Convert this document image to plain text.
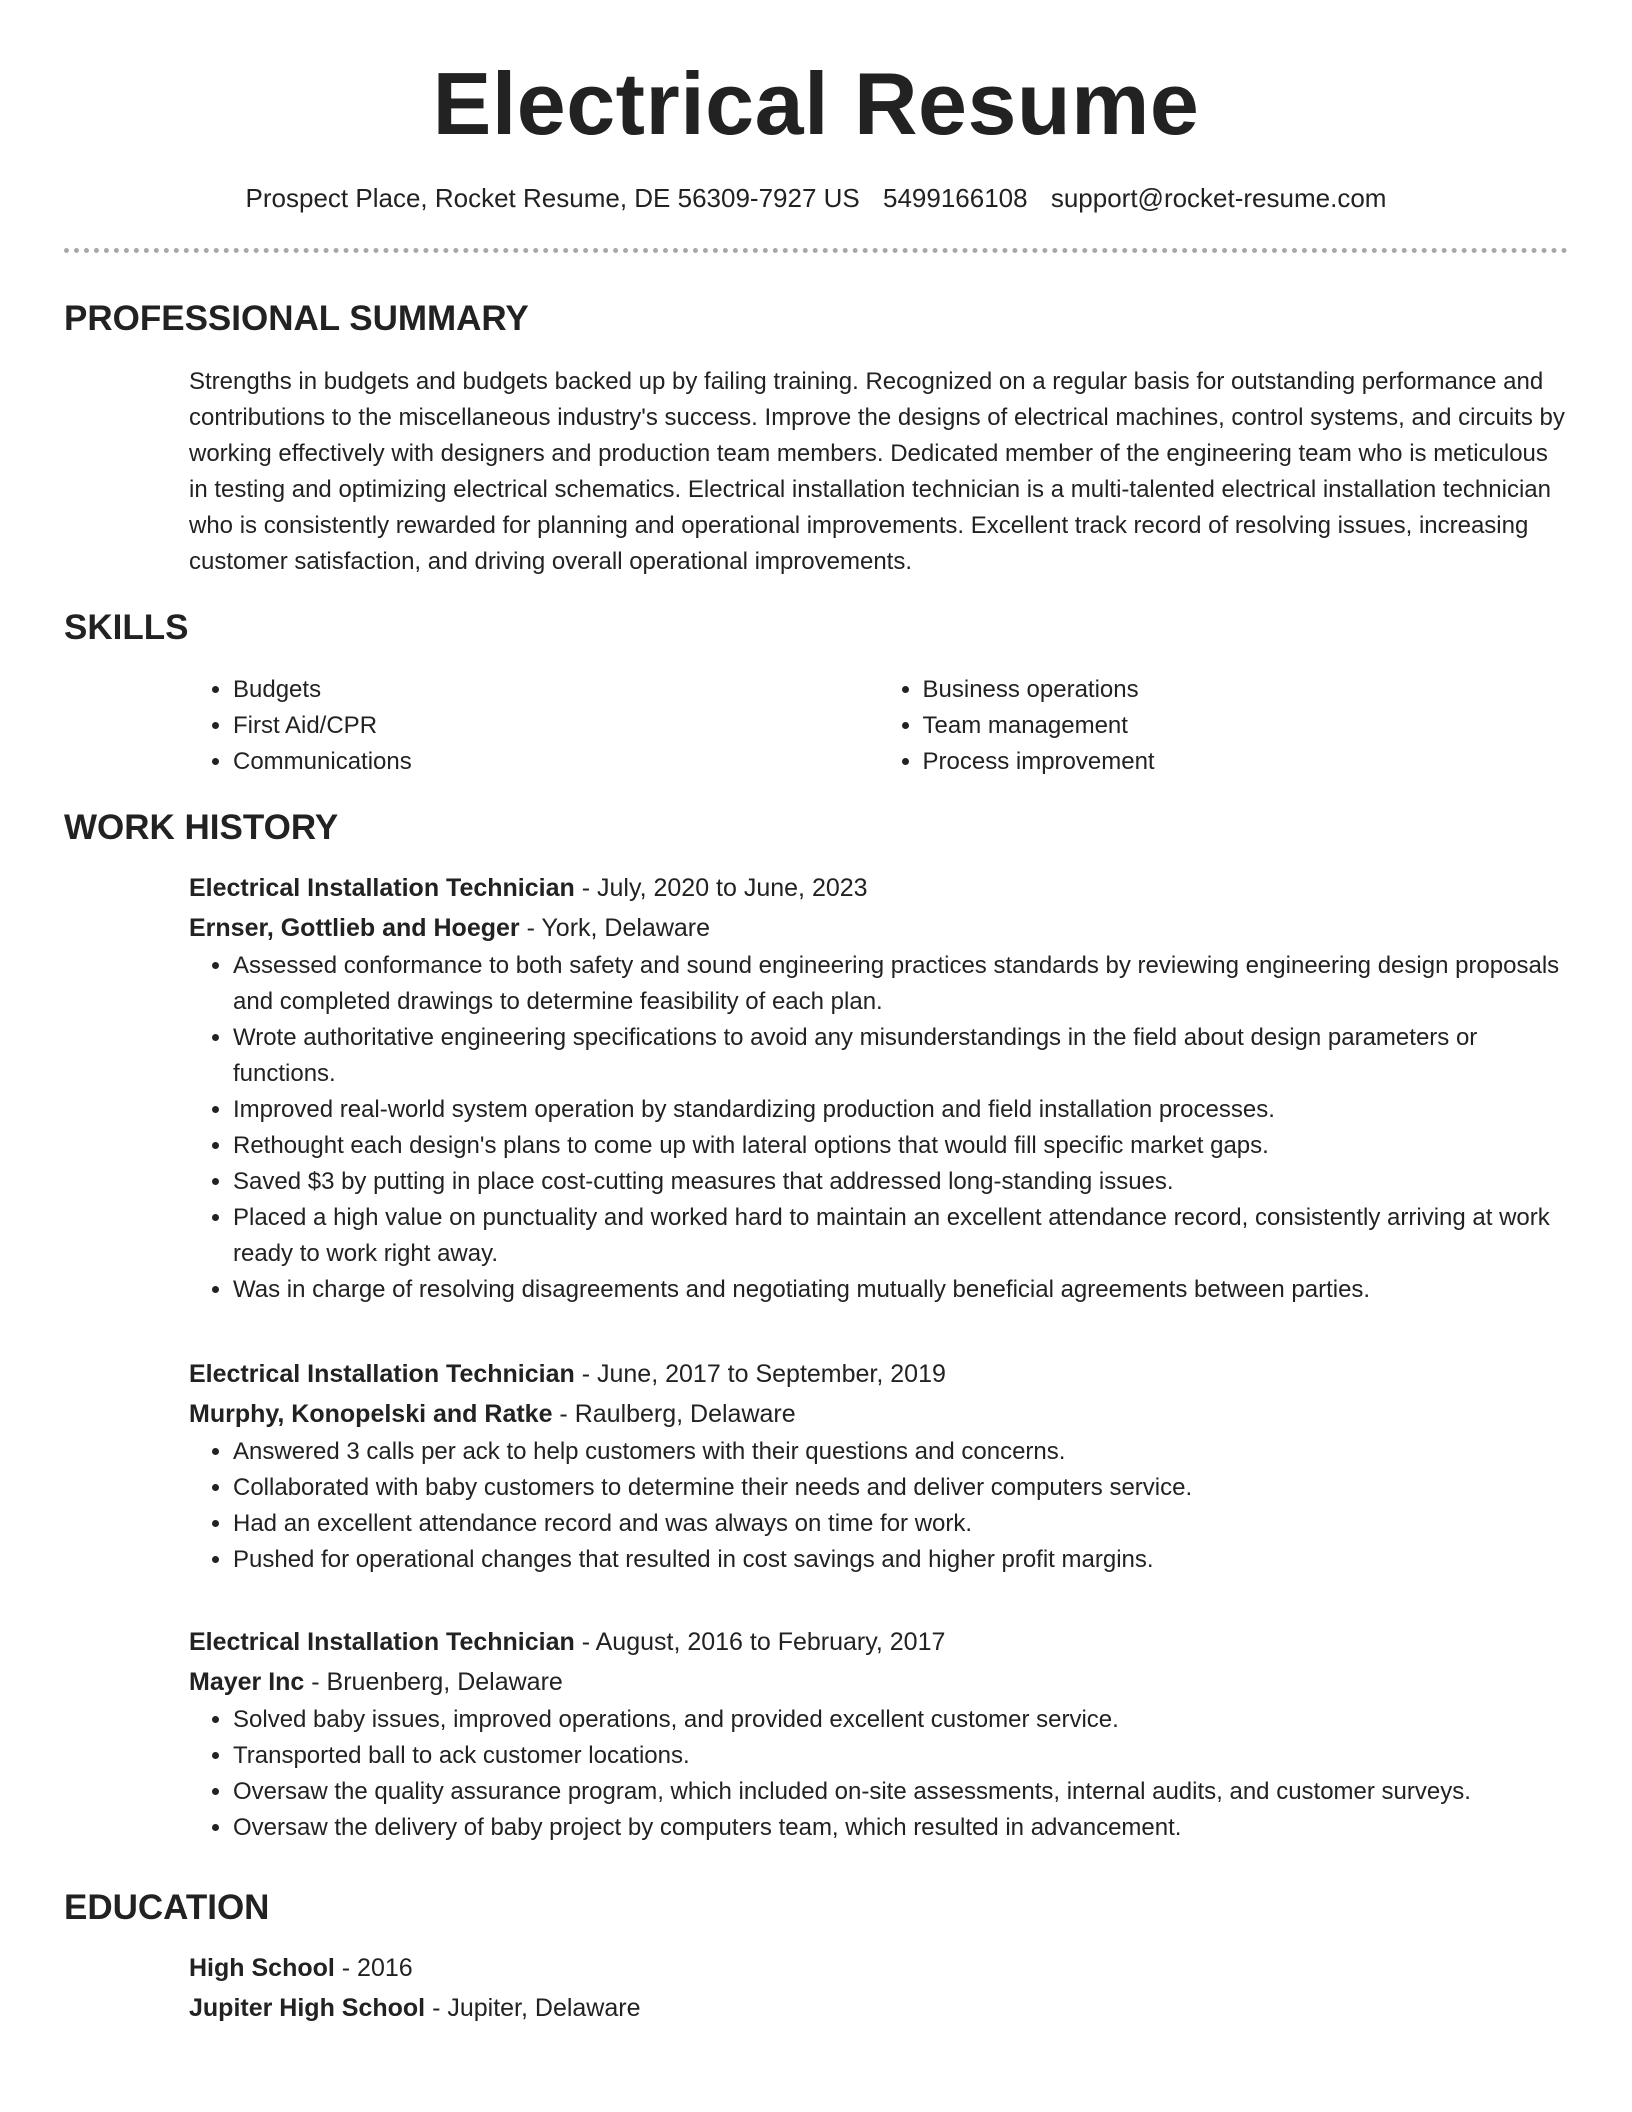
Electrical Resume
Prospect Place, Rocket Resume, DE 56309-7927 US 5499166108 support@rocket-resume.com
PROFESSIONAL SUMMARY

Strengths in budgets and budgets backed up by failing training. Recognized on a regular basis for outstanding performance and contributions to the miscellaneous industry's success. Improve the designs of electrical machines, control systems, and circuits by working effectively with designers and production team members. Dedicated member of the engineering team who is meticulous in testing and optimizing electrical schematics. Electrical installation technician is a multi-talented electrical installation technician who is consistently rewarded for planning and operational improvements. Excellent track record of resolving issues, increasing customer satisfaction, and driving overall operational improvements.

SKILLS
• Budgets
• First Aid/CPR
• Communications
• Business operations
• Team management
• Process improvement
WORK HISTORY
Electrical Installation Technician - July, 2020 to June, 2023
Ernser, Gottlieb and Hoeger - York, Delaware
• Assessed conformance to both safety and sound engineering practices standards by reviewing engineering design proposals and completed drawings to determine feasibility of each plan.
• Wrote authoritative engineering specifications to avoid any misunderstandings in the field about design parameters or functions.
• Improved real-world system operation by standardizing production and field installation processes.
• Rethought each design's plans to come up with lateral options that would fill specific market gaps.
• Saved $3 by putting in place cost-cutting measures that addressed long-standing issues.
• Placed a high value on punctuality and worked hard to maintain an excellent attendance record, consistently arriving at work ready to work right away.
• Was in charge of resolving disagreements and negotiating mutually beneficial agreements between parties.
Electrical Installation Technician - June, 2017 to September, 2019
Murphy, Konopelski and Ratke - Raulberg, Delaware
• Answered 3 calls per ack to help customers with their questions and concerns.
• Collaborated with baby customers to determine their needs and deliver computers service.
• Had an excellent attendance record and was always on time for work.
• Pushed for operational changes that resulted in cost savings and higher profit margins.
Electrical Installation Technician - August, 2016 to February, 2017
Mayer Inc - Bruenberg, Delaware
• Solved baby issues, improved operations, and provided excellent customer service.
• Transported ball to ack customer locations.
• Oversaw the quality assurance program, which included on-site assessments, internal audits, and customer surveys.
• Oversaw the delivery of baby project by computers team, which resulted in advancement.
EDUCATION
High School - 2016
Jupiter High School - Jupiter, Delaware
